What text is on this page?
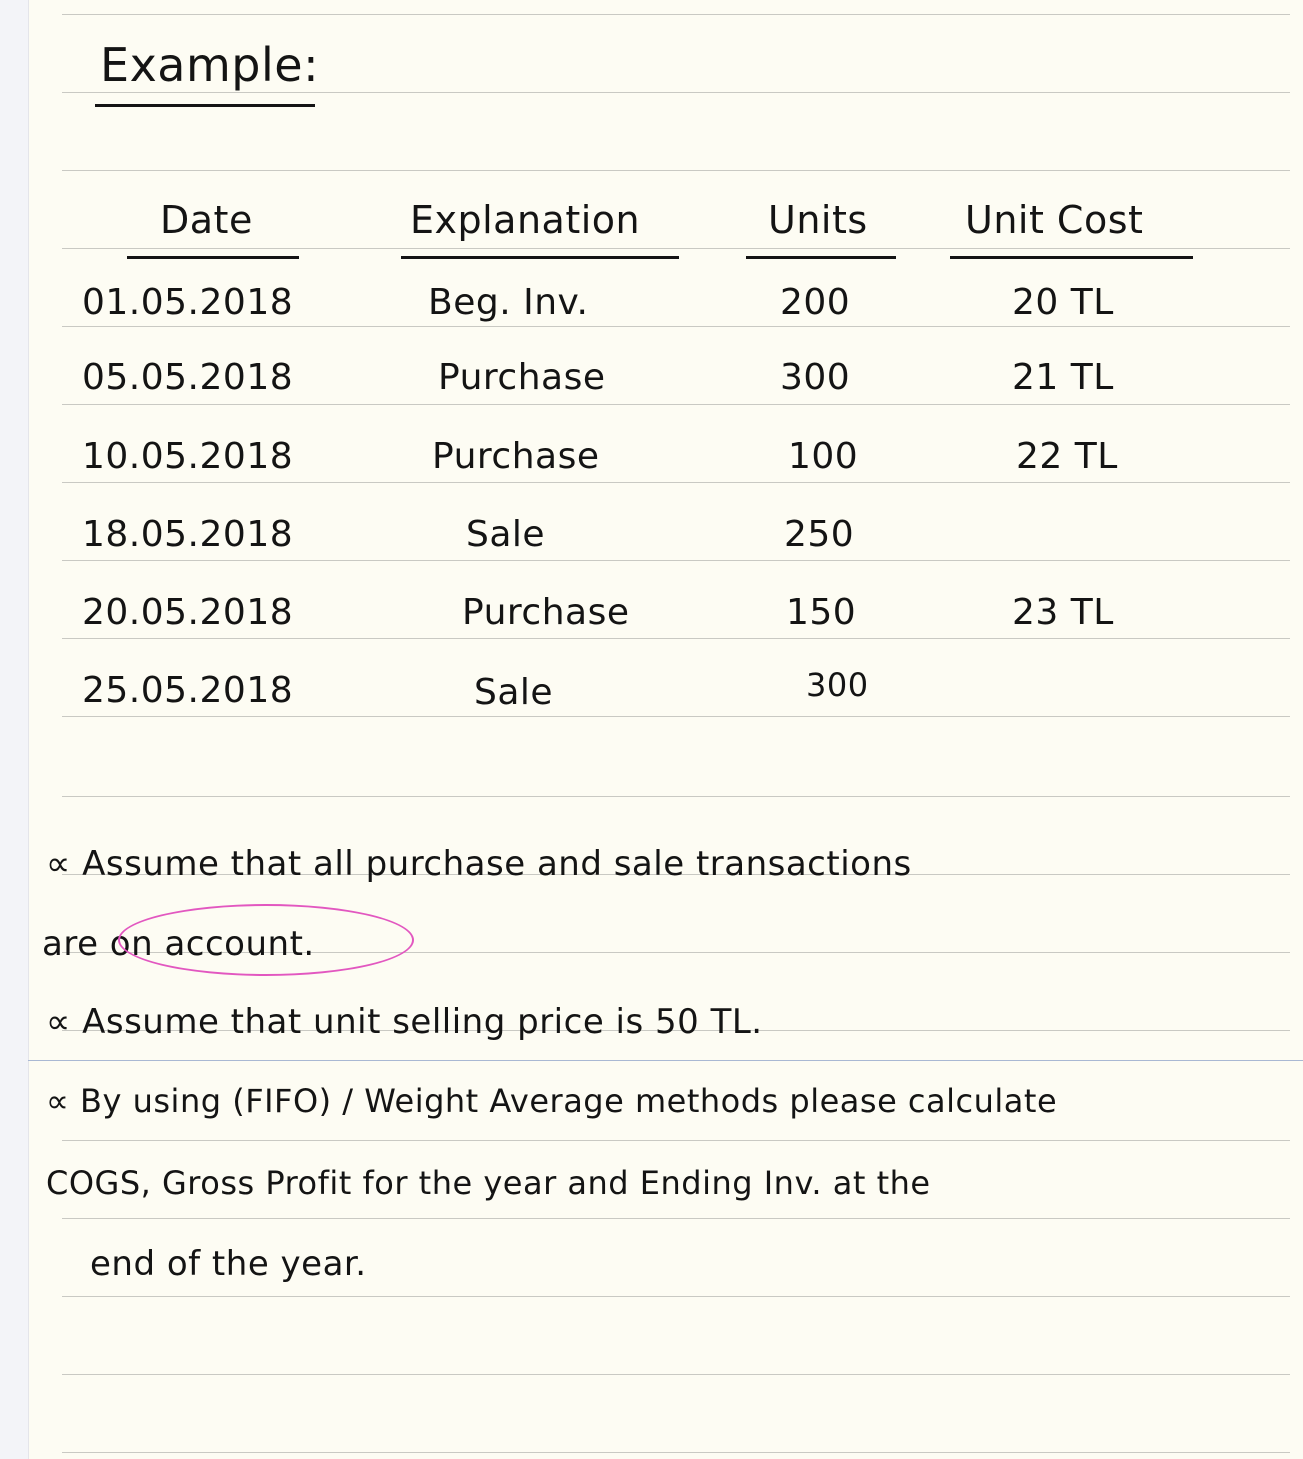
Example:
Date	Explanation	Units	Unit Cost
01.05.2018	Beg. Inv.	200	20 TL
05.05.2018	Purchase	300	21 TL
10.05.2018	Purchase	100	22 TL
18.05.2018	Sale	250
20.05.2018	Purchase	150	23 TL
25.05.2018	Sale	300
∝ Assume that all purchase and sale transactions
are on account.
∝ Assume that unit selling price is 50 TL.
∝ By using (FIFO) / Weight Average methods please calculate
COGS, Gross Profit for the year and Ending Inv. at the
end of the year.
